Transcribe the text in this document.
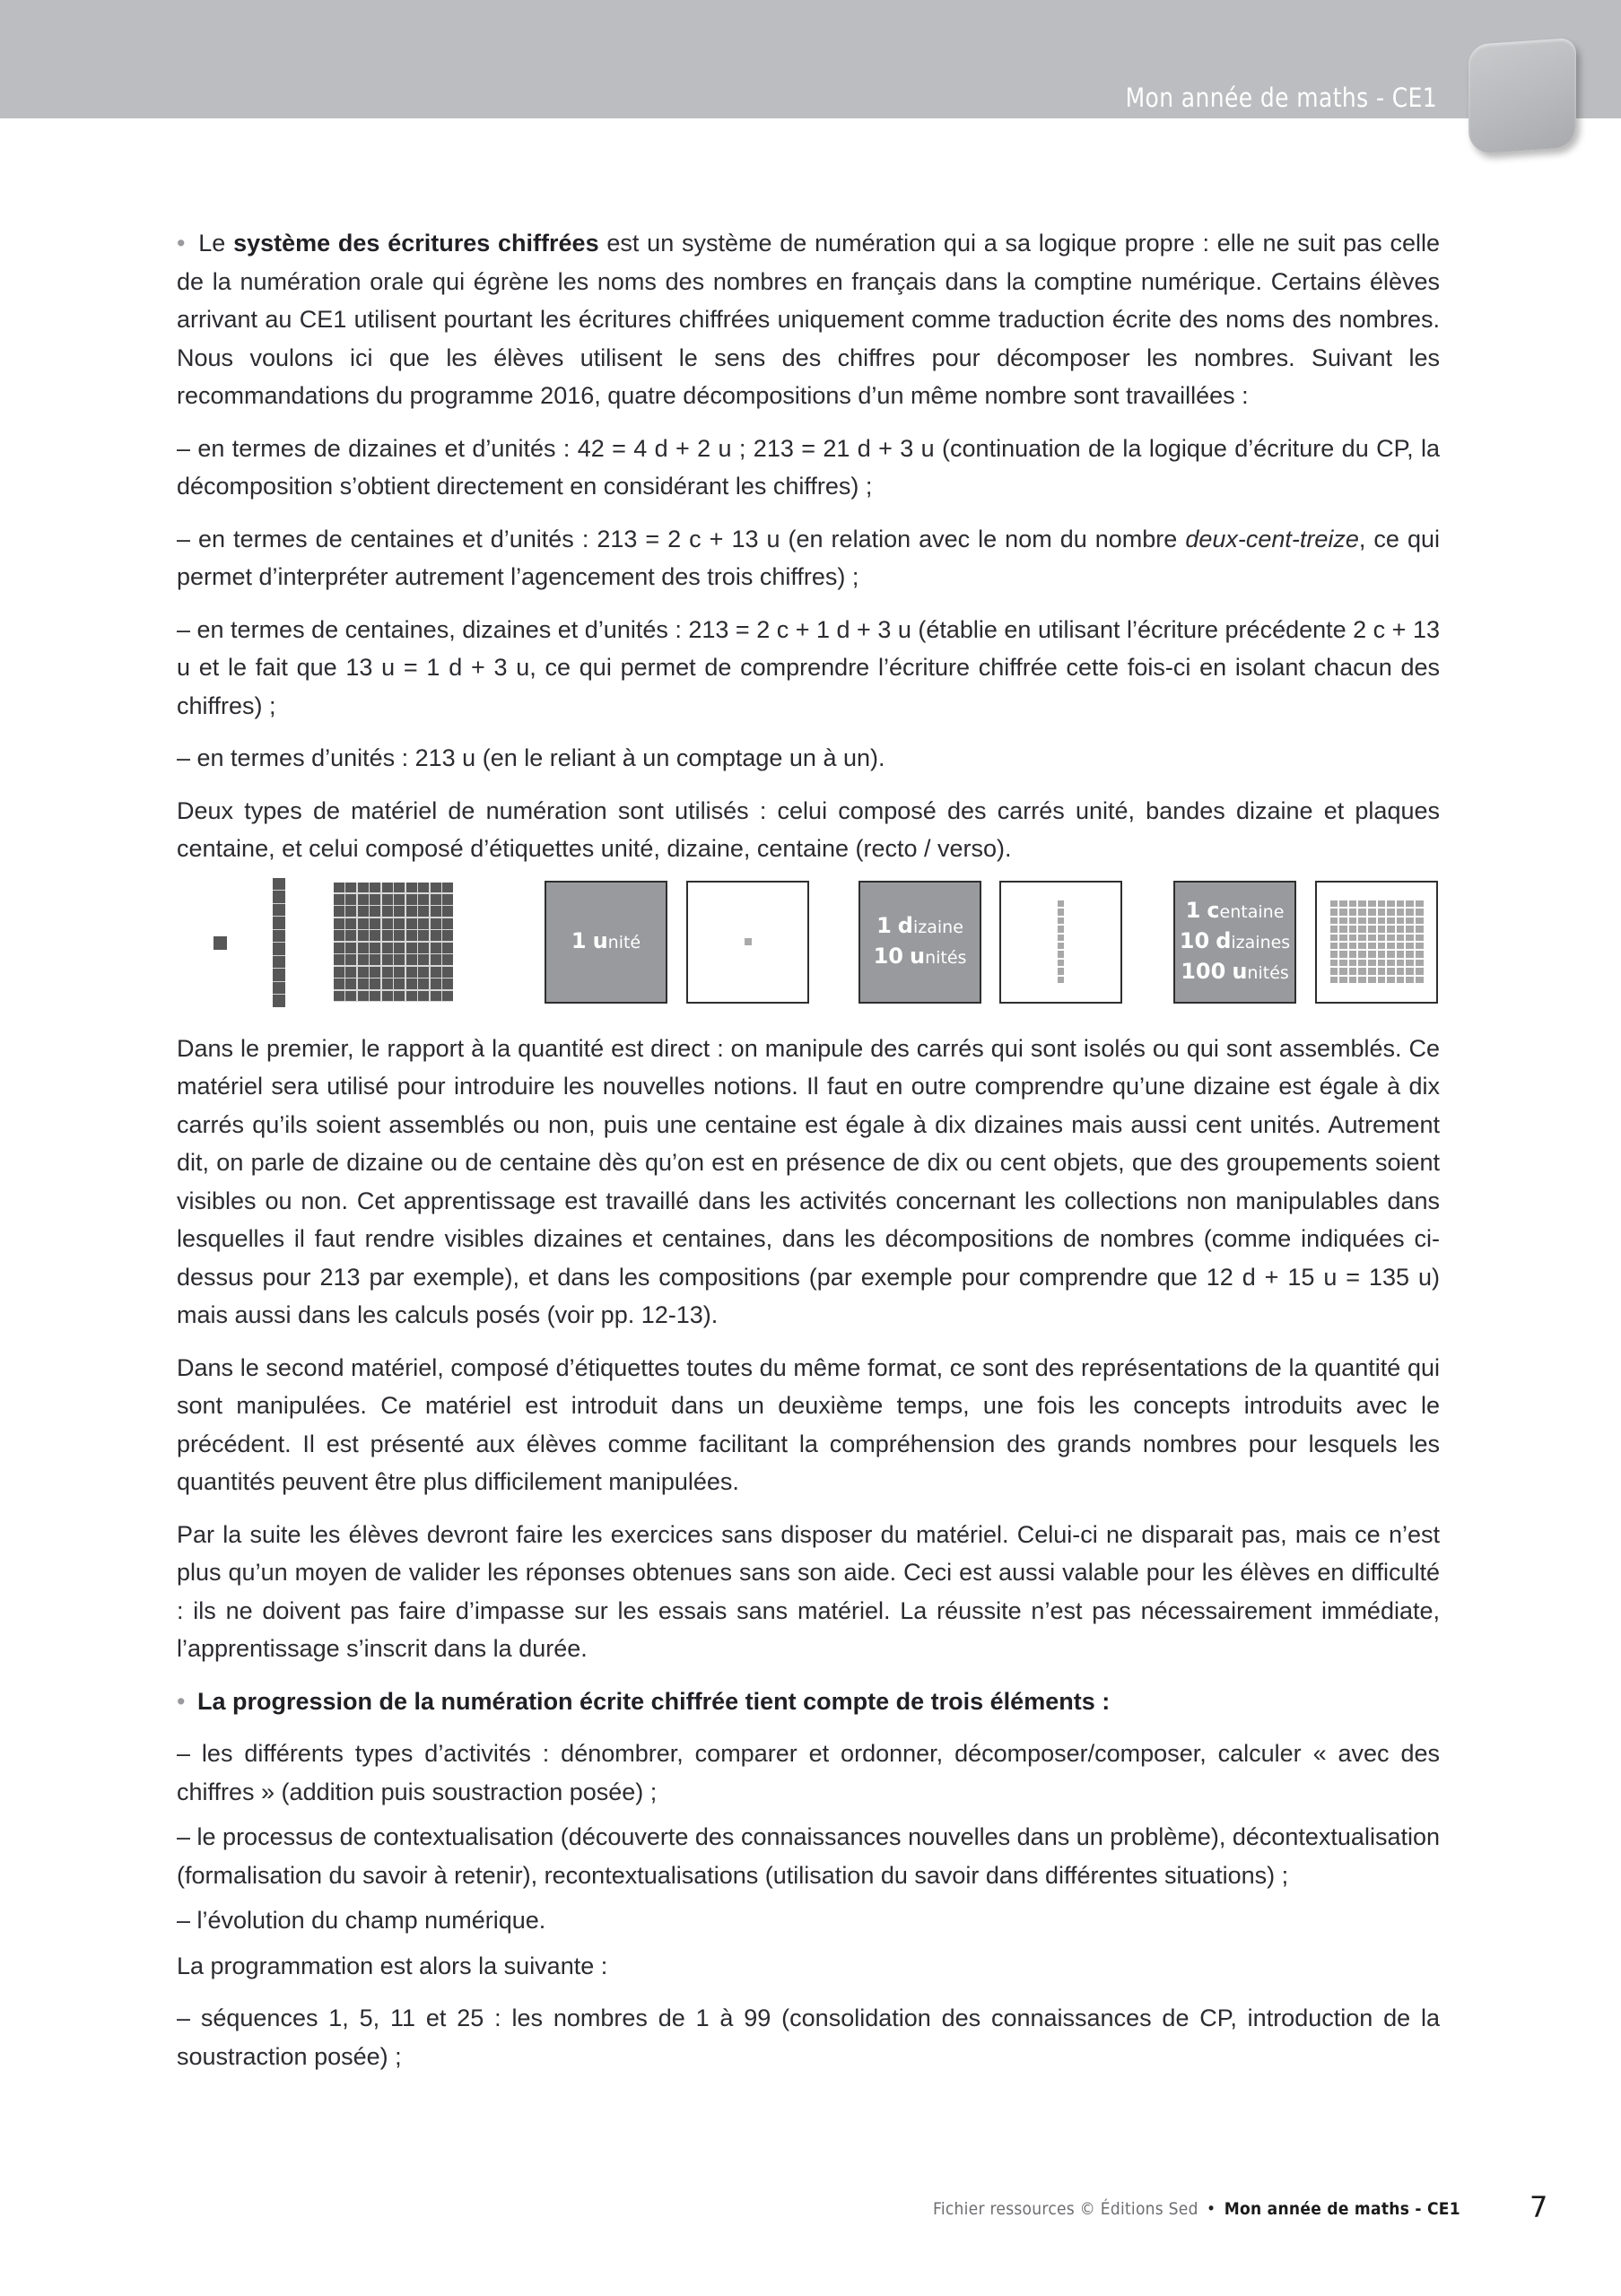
Mon année de maths - CE1

• Le système des écritures chiffrées est un système de numération qui a sa logique propre : elle ne suit pas celle de la numération orale qui égrène les noms des nombres en français dans la comptine numérique. Certains élèves arrivant au CE1 utilisent pourtant les écritures chiffrées uniquement comme traduction écrite des noms des nombres. Nous voulons ici que les élèves utilisent le sens des chiffres pour décomposer les nombres. Suivant les recommandations du programme 2016, quatre décompositions d’un même nombre sont travaillées :

– en termes de dizaines et d’unités : 42 = 4 d + 2 u ; 213 = 21 d + 3 u (continuation de la logique d’écriture du CP, la décomposition s’obtient directement en considérant les chiffres) ;

– en termes de centaines et d’unités : 213 = 2 c + 13 u (en relation avec le nom du nombre deux-cent-treize, ce qui permet d’interpréter autrement l’agencement des trois chiffres) ;

– en termes de centaines, dizaines et d’unités : 213 = 2 c + 1 d + 3 u (établie en utilisant l’écriture précédente 2 c + 13 u et le fait que 13 u = 1 d + 3 u, ce qui permet de comprendre l’écriture chiffrée cette fois-ci en isolant chacun des chiffres) ;

– en termes d’unités : 213 u (en le reliant à un comptage un à un).

Deux types de matériel de numération sont utilisés : celui composé des carrés unité, bandes dizaine et plaques centaine, et celui composé d’étiquettes unité, dizaine, centaine (recto / verso).

1 unité
1 dizaine
10 unités
1 centaine
10 dizaines
100 unités

Dans le premier, le rapport à la quantité est direct : on manipule des carrés qui sont isolés ou qui sont assemblés. Ce matériel sera utilisé pour introduire les nouvelles notions. Il faut en outre comprendre qu’une dizaine est égale à dix carrés qu’ils soient assemblés ou non, puis une centaine est égale à dix dizaines mais aussi cent unités. Autrement dit, on parle de dizaine ou de centaine dès qu’on est en présence de dix ou cent objets, que des groupements soient visibles ou non. Cet apprentissage est travaillé dans les activités concernant les collections non manipulables dans lesquelles il faut rendre visibles dizaines et centaines, dans les décompositions de nombres (comme indiquées ci-dessus pour 213 par exemple), et dans les compositions (par exemple pour comprendre que 12 d + 15 u = 135 u) mais aussi dans les calculs posés (voir pp. 12-13).

Dans le second matériel, composé d’étiquettes toutes du même format, ce sont des représentations de la quantité qui sont manipulées. Ce matériel est introduit dans un deuxième temps, une fois les concepts introduits avec le précédent. Il est présenté aux élèves comme facilitant la compréhension des grands nombres pour lesquels les quantités peuvent être plus difficilement manipulées.

Par la suite les élèves devront faire les exercices sans disposer du matériel. Celui-ci ne disparait pas, mais ce n’est plus qu’un moyen de valider les réponses obtenues sans son aide. Ceci est aussi valable pour les élèves en difficulté : ils ne doivent pas faire d’impasse sur les essais sans matériel. La réussite n’est pas nécessairement immédiate, l’apprentissage s’inscrit dans la durée.

• La progression de la numération écrite chiffrée tient compte de trois éléments :

– les différents types d’activités : dénombrer, comparer et ordonner, décomposer/composer, calculer « avec des chiffres » (addition puis soustraction posée) ;

– le processus de contextualisation (découverte des connaissances nouvelles dans un problème), décontextualisation (formalisation du savoir à retenir), recontextualisations (utilisation du savoir dans différentes situations) ;

– l’évolution du champ numérique.

La programmation est alors la suivante :

– séquences 1, 5, 11 et 25 : les nombres de 1 à 99 (consolidation des connaissances de CP, introduction de la soustraction posée) ;

Fichier ressources © Éditions Sed • Mon année de maths - CE1 7
